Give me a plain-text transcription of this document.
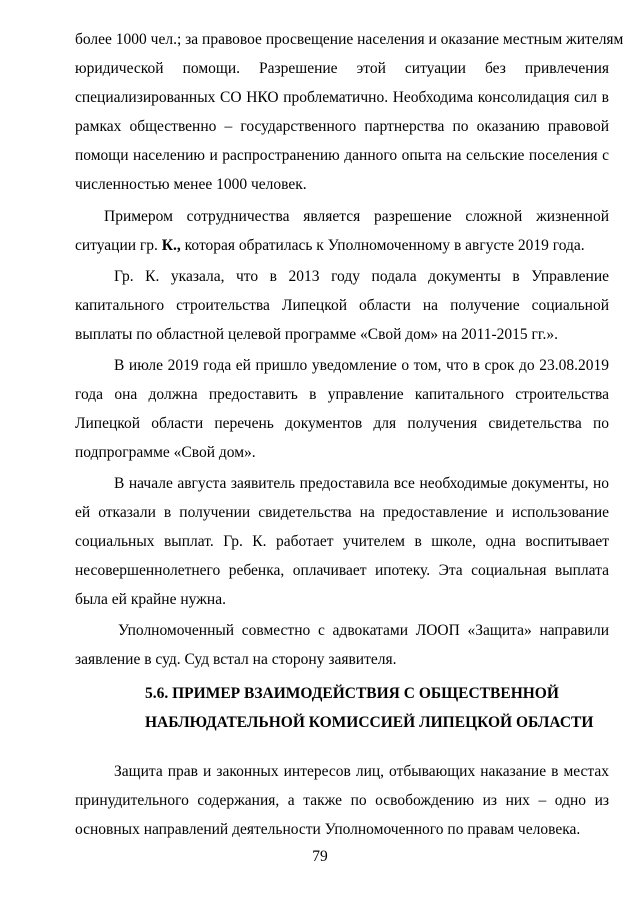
более 1000 чел.; за правовое просвещение населения и оказание местным жителям
юридической помощи. Разрешение этой ситуации без привлечения
специализированных СО НКО проблематично. Необходима консолидация сил в
рамках общественно – государственного партнерства по оказанию правовой
помощи населению и распространению данного опыта на сельские поселения с
численностью менее 1000 человек.
Примером сотрудничества является разрешение сложной жизненной
ситуации гр. К., которая обратилась к Уполномоченному в августе 2019 года.
Гр. К. указала, что в 2013 году подала документы в Управление
капитального строительства Липецкой области на получение социальной
выплаты по областной целевой программе «Свой дом» на 2011-2015 гг.».
В июле 2019 года ей пришло уведомление о том, что в срок до 23.08.2019
года она должна предоставить в управление капитального строительства
Липецкой области перечень документов для получения свидетельства по
подпрограмме «Свой дом».
В начале августа заявитель предоставила все необходимые документы, но
ей отказали в получении свидетельства на предоставление и использование
социальных выплат. Гр. К. работает учителем в школе, одна воспитывает
несовершеннолетнего ребенка, оплачивает ипотеку. Эта социальная выплата
была ей крайне нужна.
Уполномоченный совместно с адвокатами ЛООП «Защита» направили
заявление в суд. Суд встал на сторону заявителя.
5.6. ПРИМЕР ВЗАИМОДЕЙСТВИЯ С ОБЩЕСТВЕННОЙ
НАБЛЮДАТЕЛЬНОЙ КОМИССИЕЙ ЛИПЕЦКОЙ ОБЛАСТИ
Защита прав и законных интересов лиц, отбывающих наказание в местах
принудительного содержания, а также по освобождению из них – одно из
основных направлений деятельности Уполномоченного по правам человека.
79
